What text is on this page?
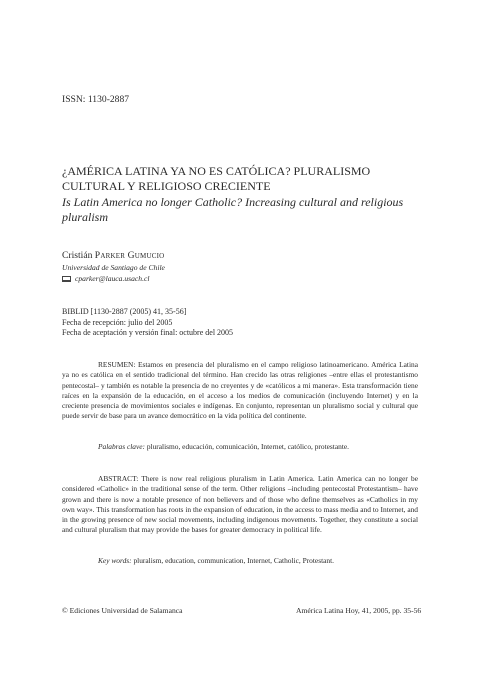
ISSN: 1130-2887
¿AMÉRICA LATINA YA NO ES CATÓLICA? PLURALISMO CULTURAL Y RELIGIOSO CRECIENTE
Is Latin America no longer Catholic? Increasing cultural and religious pluralism
Cristián Parker Gumucio
Universidad de Santiago de Chile
cparker@lauca.usach.cl
BIBLID [1130-2887 (2005) 41, 35-56]
Fecha de recepción: julio del 2005
Fecha de aceptación y versión final: octubre del 2005

RESUMEN: Estamos en presencia del pluralismo en el campo religioso latinoamericano. América Latina ya no es católica en el sentido tradicional del término. Han crecido las otras religiones –entre ellas el protestantismo pentecostal– y también es notable la presencia de no creyentes y de «católicos a mi manera». Esta transformación tiene raíces en la expansión de la educación, en el acceso a los medios de comunicación (incluyendo Internet) y en la creciente presencia de movimientos sociales e indígenas. En conjunto, representan un pluralismo social y cultural que puede servir de base para un avance democrático en la vida política del continente.

Palabras clave: pluralismo, educación, comunicación, Internet, católico, protestante.

ABSTRACT: There is now real religious pluralism in Latin America. Latin America can no longer be considered «Catholic» in the traditional sense of the term. Other religions –including pentecostal Protestantism– have grown and there is now a notable presence of non believers and of those who define themselves as «Catholics in my own way». This transformation has roots in the expansion of education, in the access to mass media and to Internet, and in the growing presence of new social movements, including indigenous movements. Together, they constitute a social and cultural pluralism that may provide the bases for greater democracy in political life.

Key words: pluralism, education, communication, Internet, Catholic, Protestant.
© Ediciones Universidad de Salamanca	América Latina Hoy, 41, 2005, pp. 35-56
